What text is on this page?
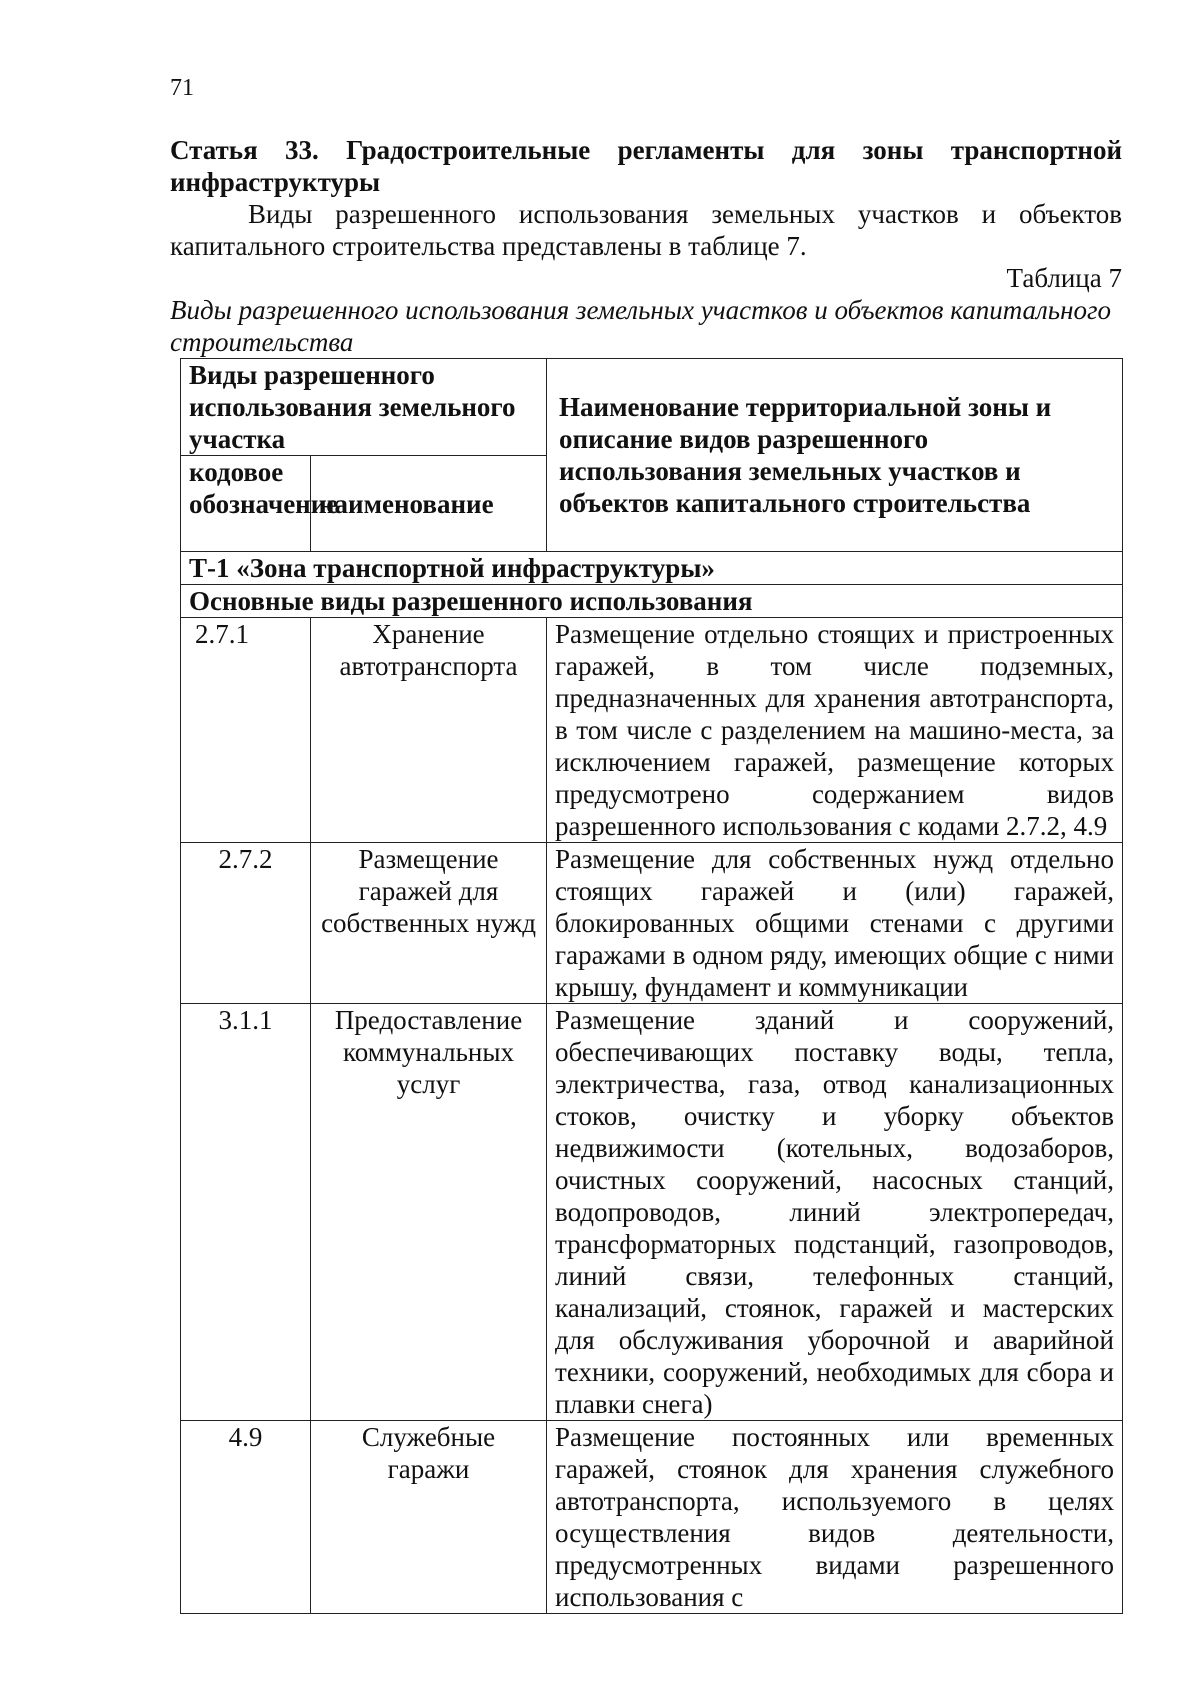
71
Статья 33. Градостроительные регламенты для зоны транспортной инфраструктуры
Виды разрешенного использования земельных участков и объектов капитального строительства представлены в таблице 7.
Таблица 7
Виды разрешенного использования земельных участков и объектов капитального строительства
Виды разрешенного использования земельного участка		Наименование территориальной зоны и описание видов разрешенного использования земельных участков и объектов капитального строительства
кодовое обозначение	наименование	
Т-1 «Зона транспортной инфраструктуры»		
Основные виды разрешенного использования		
2.7.1	Хранение автотранспорта	Размещение отдельно стоящих и пристроенных гаражей, в том числе подземных, предназначенных для хранения автотранспорта, в том числе с разделением на машино-места, за исключением гаражей, размещение которых предусмотрено содержанием видов разрешенного использования с кодами 2.7.2, 4.9
2.7.2	Размещение гаражей для собственных нужд	Размещение для собственных нужд отдельно стоящих гаражей и (или) гаражей, блокированных общими стенами с другими гаражами в одном ряду, имеющих общие с ними крышу, фундамент и коммуникации
3.1.1	Предоставление коммунальных услуг	Размещение зданий и сооружений, обеспечивающих поставку воды, тепла, электричества, газа, отвод канализационных стоков, очистку и уборку объектов недвижимости (котельных, водозаборов, очистных сооружений, насосных станций, водопроводов, линий электропередач, трансформаторных подстанций, газопроводов, линий связи, телефонных станций, канализаций, стоянок, гаражей и мастерских для обслуживания уборочной и аварийной техники, сооружений, необходимых для сбора и плавки снега)
4.9	Служебные гаражи	Размещение постоянных или временных гаражей, стоянок для хранения служебного автотранспорта, используемого в целях осуществления видов деятельности, предусмотренных видами разрешенного использования с
